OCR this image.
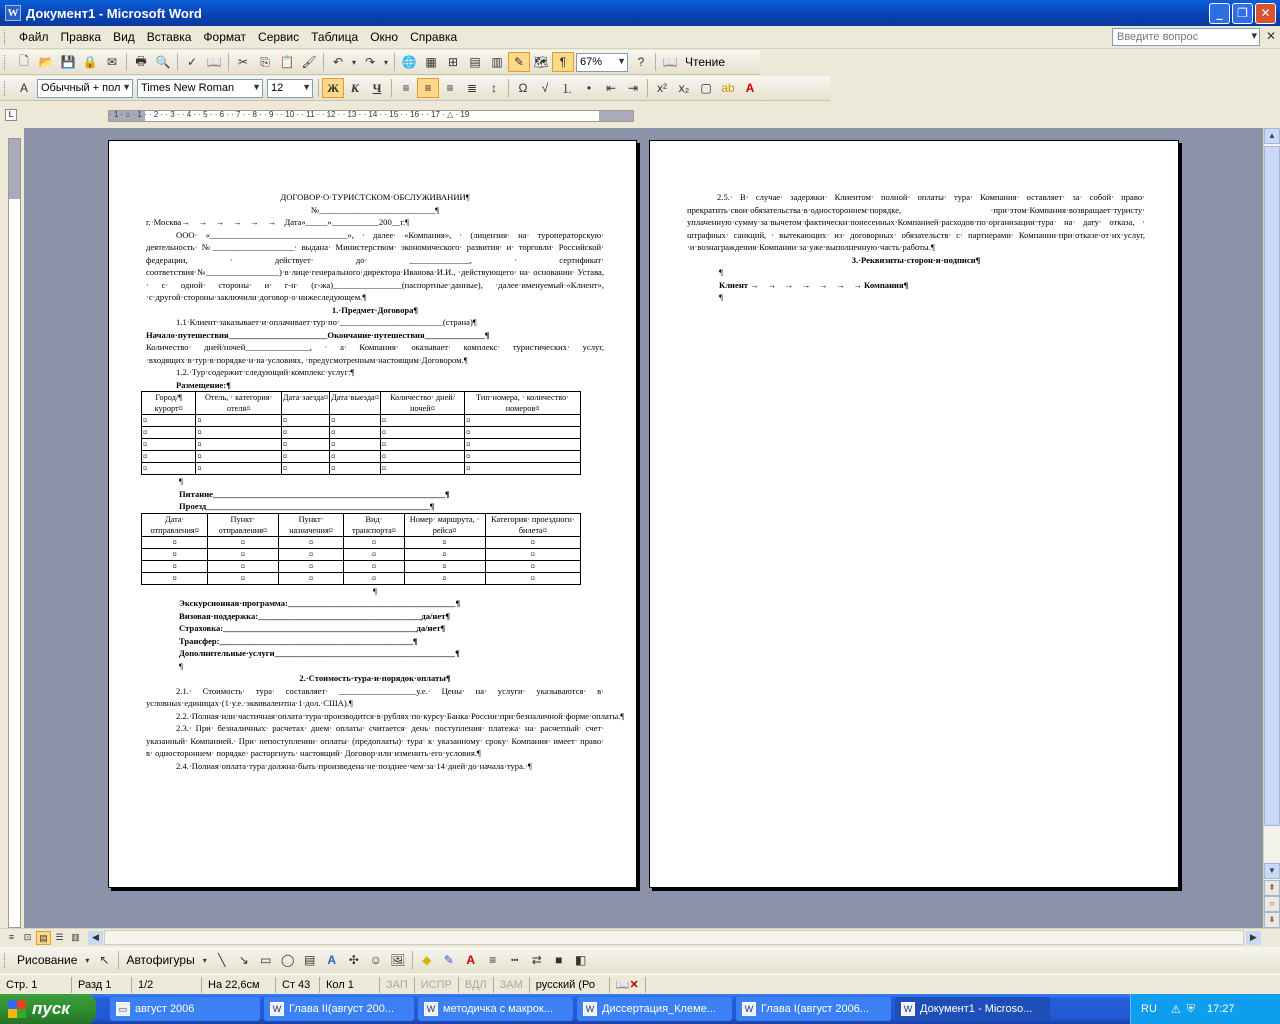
W Документ1 - Microsoft Word	_	❐	✕
Файл	Правка	Вид	Вставка	Формат	Сервис	Таблица	Окно	Справка	Введите вопрос	▾ ✕
🗋 📂 💾 🔒 ✉	🖶 🔍	✓ 📖	✂	⎘ 📋 🖌	↶	▾ ↷	▾ 🌐 ▦ ⊞ ▤ ▥ ✎ 🗺 ¶	67% ▼ ?	📖 Чтение
A	Обычный + пол ▼ Times New Roman ▼ 12 ▼	Ж К	Ч	≡	≡	≡	≣	↕	Ω	√	⒈	•	⇤ ⇥	x² x₂ ▢ ab A
L	· 1 · ⌂ · 1 · · 2 · · 3 · · 4 · · 5 · · 6 · · 7 · · 8 · · 9 · · 10 · · 11 · · 12 · · 13 · · 14 · · 15 · · 16 · · 17 · △ · 19

ДОГОВОР·О·ТУРИСТСКОМ·ОБСЛУЖИВАНИИ¶

№___________________________¶

г.·Москва→    →    →    →    →    →    Дата«_____»___________200__г.¶

ООО· «________________________________», · далее· «Компания», · (лицензия· на· туроператорскую· деятельность· №___________________· выдана· Министерством· экономического· развития· и· торговли· Российской· федерации, · действует· до· ______________, · сертификат· соответствия·№_________________)·в·лице·генерального·директора·Иванова·И.И., ·действующего· на· основании· Устава, · с· одной· стороны· и· г-н· (г-жа)________________(паспортные·данные), ·далее·именуемый·«Клиент», ·с·другой·стороны·заключили·договор·о·нижеследующем.¶

1.·Предмет·Договора¶

1.1·Клиент·заказывает·и·оплачивает·тур·по·________________________(страна)¶

Начало·путешествия_______________________Окончание·путешествия______________¶

Количество· дней/ночей_______________, · а· Компания· оказывает· комплекс· туристических· услуг, ·входящих·в·тур·в·порядке·и·на·условиях, ·предусмотренным·настоящим·Договором.¶

1.2.·Тур·содержит·следующий·комплекс·услуг:¶

Размещение:¶

Город/¶ курорт¤	Отель, · категория· отеля¤	Дата·заезда¤	Дата·выезда¤	Количество· дней/ночей¤	Тип·номера, · количество· номеров¤
¤	¤	¤	¤	¤	¤
¤	¤	¤	¤	¤	¤
¤	¤	¤	¤	¤	¤
¤	¤	¤	¤	¤	¤
¤	¤	¤	¤	¤	¤

¶

Питание______________________________________________________¶

Проезд____________________________________________________¶

Дата· отправления¤	Пункт· отправления¤	Пункт· назначения¤	Вид· транспорта¤	Номер· маршрута, · рейса¤	Категория· проездного· билета¤
¤	¤	¤	¤	¤	¤
¤	¤	¤	¤	¤	¤
¤	¤	¤	¤	¤	¤
¤	¤	¤	¤	¤	¤

¶

Экскурсионная·программа:_______________________________________¶

Визовая·поддержка:______________________________________да/нет¶

Страховка:_____________________________________________да/нет¶

Трансфер:_____________________________________________¶

Дополнительные·услуги__________________________________________¶

¶

2.·Стоимость·тура·и·порядок·оплаты¶

2.1.· Стоимость· тура· составляет· __________________у.е.· Цены· на· услуги· указываются· в· условных·единицах·(1·у.е.·эквивалентна·1·дол.·США).¶

2.2.·Полная·или·частичная·оплата·тура·производится·в·рублях·по·курсу·Банка·России·при·безналичной·форме·оплаты.¶

2.3.· При· безналичных· расчетах· днем· оплаты· считается· день· поступления· платежа· на· расчетный· счет· указанный· Компанией.· При· непоступлении· оплаты· (предоплаты)· тура· к· указанному· сроку· Компания· имеет· право· в· одностороннем· порядке· расторгнуть· настоящий· Договор·или·изменить·его·условия.¶

2.4.·Полная·оплата·тура·должна·быть·произведена·не·позднее·чем·за·14·дней·до·начала·тура.·¶

2.5.· В· случае· задержки· Клиентом· полной· оплаты· тура· Компания· оставляет· за· собой· право· прекратить·свои·обязательства·в·одностороннем·порядке, ·при·этом·Компания·возвращает·туристу· уплаченную·сумму·за·вычетом·фактически·понесенных·Компанией·расходов·по·организации·тура· на· дату· отказа, · штрафных· санкций, · вытекающих· из· договорных· обязательств· с· партнерами· Компании·при·отказе·от·их·услуг, ·и·вознаграждения·Компании·за·уже·выполненную·часть·работы.¶

3.·Реквизиты·сторон·и·подписи¶

¶

Клиент →    →    →    →    →    →    → Компания¶

¶

▲
▼
⇞
○
⇟
≡	⊡ ▤ ☰ ▥	◀	▶
Рисование ▾ ↖	Автофигуры ▾ ╲	↘ ▭ ◯ ▤ A	✣ ☺ 🖼	◆	✎	A	≡	┅	⇄	■	◧
Стр. 1	Разд 1	1/2	На 22,6см	Ст 43	Кол 1	ЗАП	ИСПР	ВДЛ	ЗАМ	русский (Ро	📖✕
пуск	▭ август 2006	W Глава II(август 200...	W методичка с макрок...	W Диссертация_Клеме...	W Глава I(август 2006...	W Документ1 - Microso...	RU ⚠ ⛨ 17:27
